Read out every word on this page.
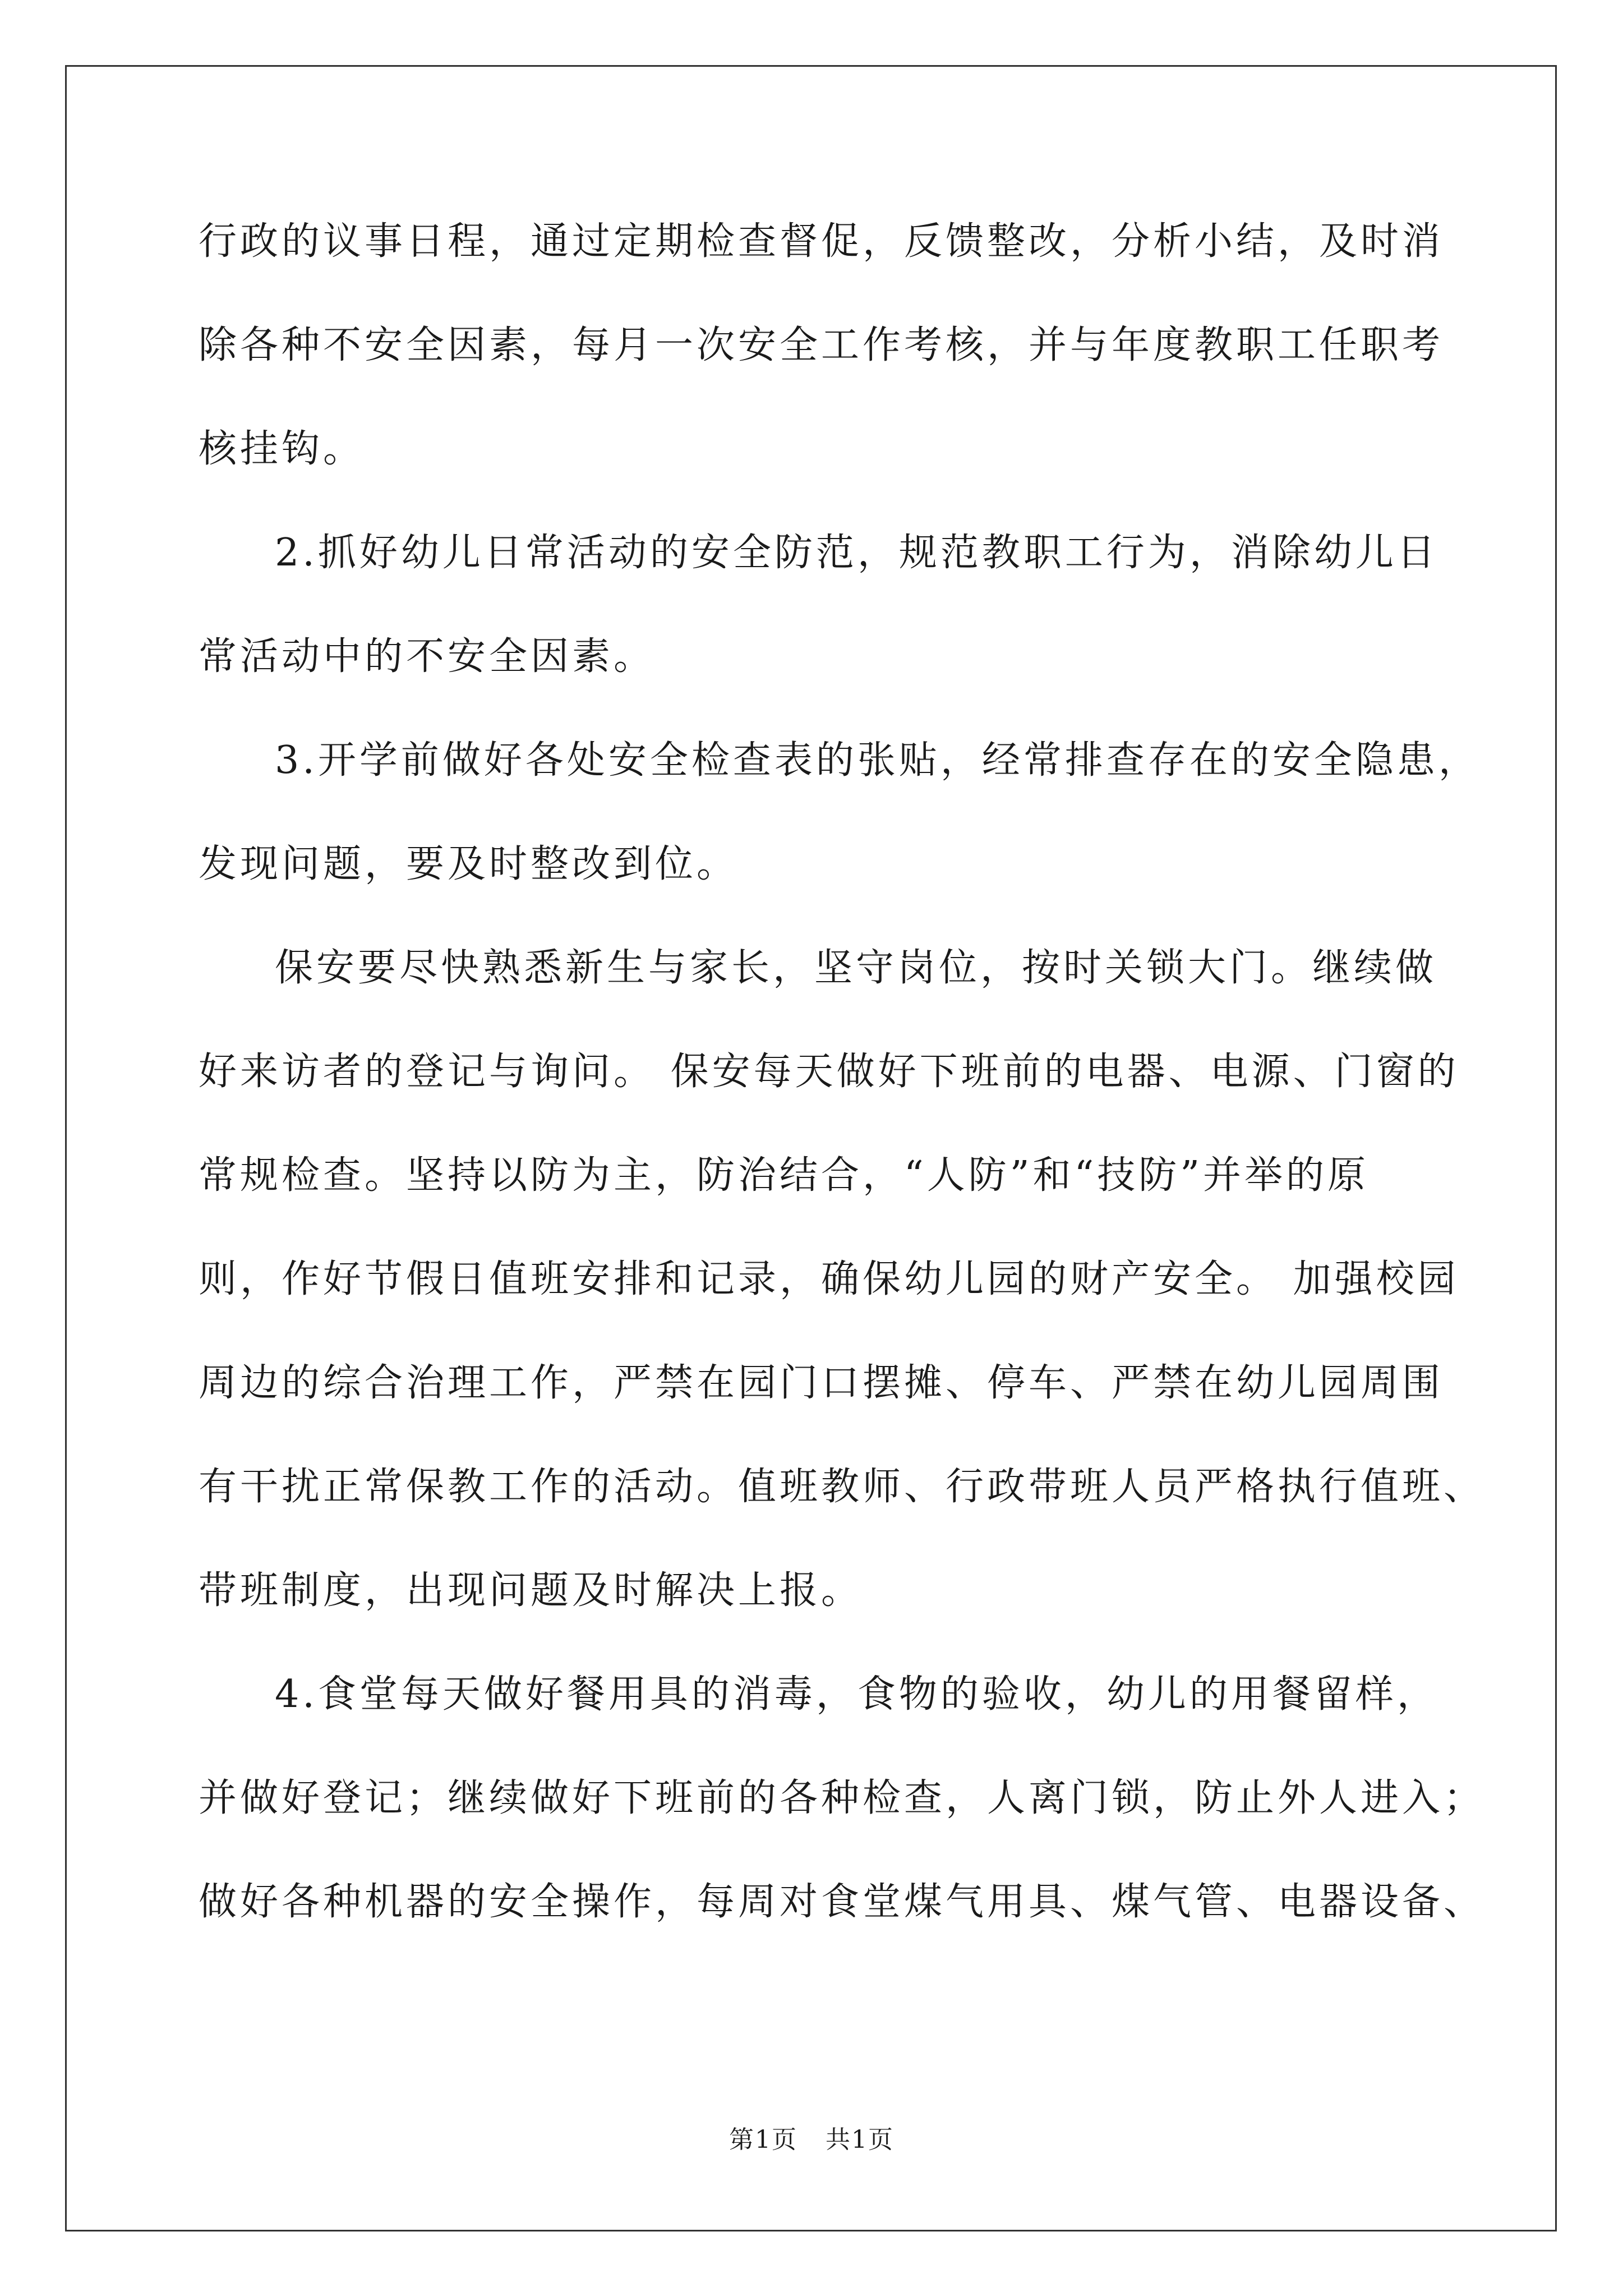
行政的议事日程，通过定期检查督促，反馈整改，分析小结，及时消
除各种不安全因素，每月一次安全工作考核，并与年度教职工任职考
核挂钩。
2.抓好幼儿日常活动的安全防范，规范教职工行为，消除幼儿日
常活动中的不安全因素。
3.开学前做好各处安全检查表的张贴，经常排查存在的安全隐患，
发现问题，要及时整改到位。
保安要尽快熟悉新生与家长，坚守岗位，按时关锁大门。继续做
好来访者的登记与询问。 保安每天做好下班前的电器、电源、门窗的
常规检查。坚持以防为主，防治结合，“人防”和“技防”并举的原
则，作好节假日值班安排和记录，确保幼儿园的财产安全。 加强校园
周边的综合治理工作，严禁在园门口摆摊、停车、严禁在幼儿园周围
有干扰正常保教工作的活动。值班教师、行政带班人员严格执行值班、
带班制度，出现问题及时解决上报。
4.食堂每天做好餐用具的消毒，食物的验收，幼儿的用餐留样，
并做好登记；继续做好下班前的各种检查，人离门锁，防止外人进入；
做好各种机器的安全操作，每周对食堂煤气用具、煤气管、电器设备、
第1页 共1页
